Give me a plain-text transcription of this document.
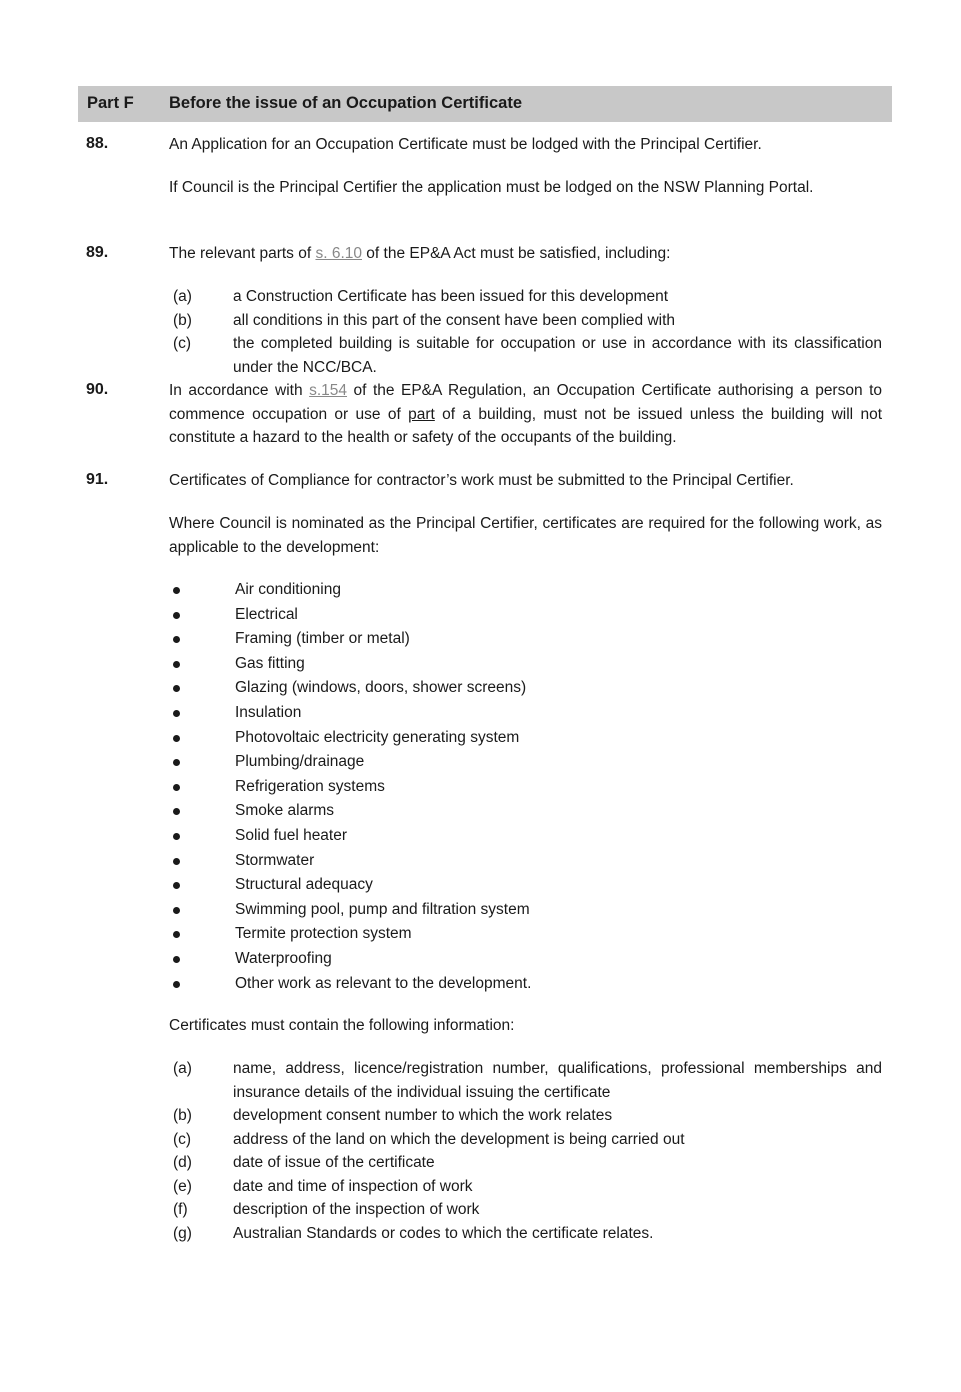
Part F Before the issue of an Occupation Certificate
88.	An Application for an Occupation Certificate must be lodged with the Principal Certifier.
If Council is the Principal Certifier the application must be lodged on the NSW Planning Portal.
89.	The relevant parts of s. 6.10 of the EP&A Act must be satisfied, including:
(a)	a Construction Certificate has been issued for this development
(b)	all conditions in this part of the consent have been complied with
(c)	the completed building is suitable for occupation or use in accordance with its classification under the NCC/BCA.
90.	In accordance with s.154 of the EP&A Regulation, an Occupation Certificate authorising a person to commence occupation or use of part of a building, must not be issued unless the building will not constitute a hazard to the health or safety of the occupants of the building.
91.	Certificates of Compliance for contractor’s work must be submitted to the Principal Certifier.
Where Council is nominated as the Principal Certifier, certificates are required for the following work, as applicable to the development:
Air conditioning
Electrical
Framing (timber or metal)
Gas fitting
Glazing (windows, doors, shower screens)
Insulation
Photovoltaic electricity generating system
Plumbing/drainage
Refrigeration systems
Smoke alarms
Solid fuel heater
Stormwater
Structural adequacy
Swimming pool, pump and filtration system
Termite protection system
Waterproofing
Other work as relevant to the development.
Certificates must contain the following information:
(a)	name, address, licence/registration number, qualifications, professional memberships and insurance details of the individual issuing the certificate
(b)	development consent number to which the work relates
(c)	address of the land on which the development is being carried out
(d)	date of issue of the certificate
(e)	date and time of inspection of work
(f)	description of the inspection of work
(g)	Australian Standards or codes to which the certificate relates.
